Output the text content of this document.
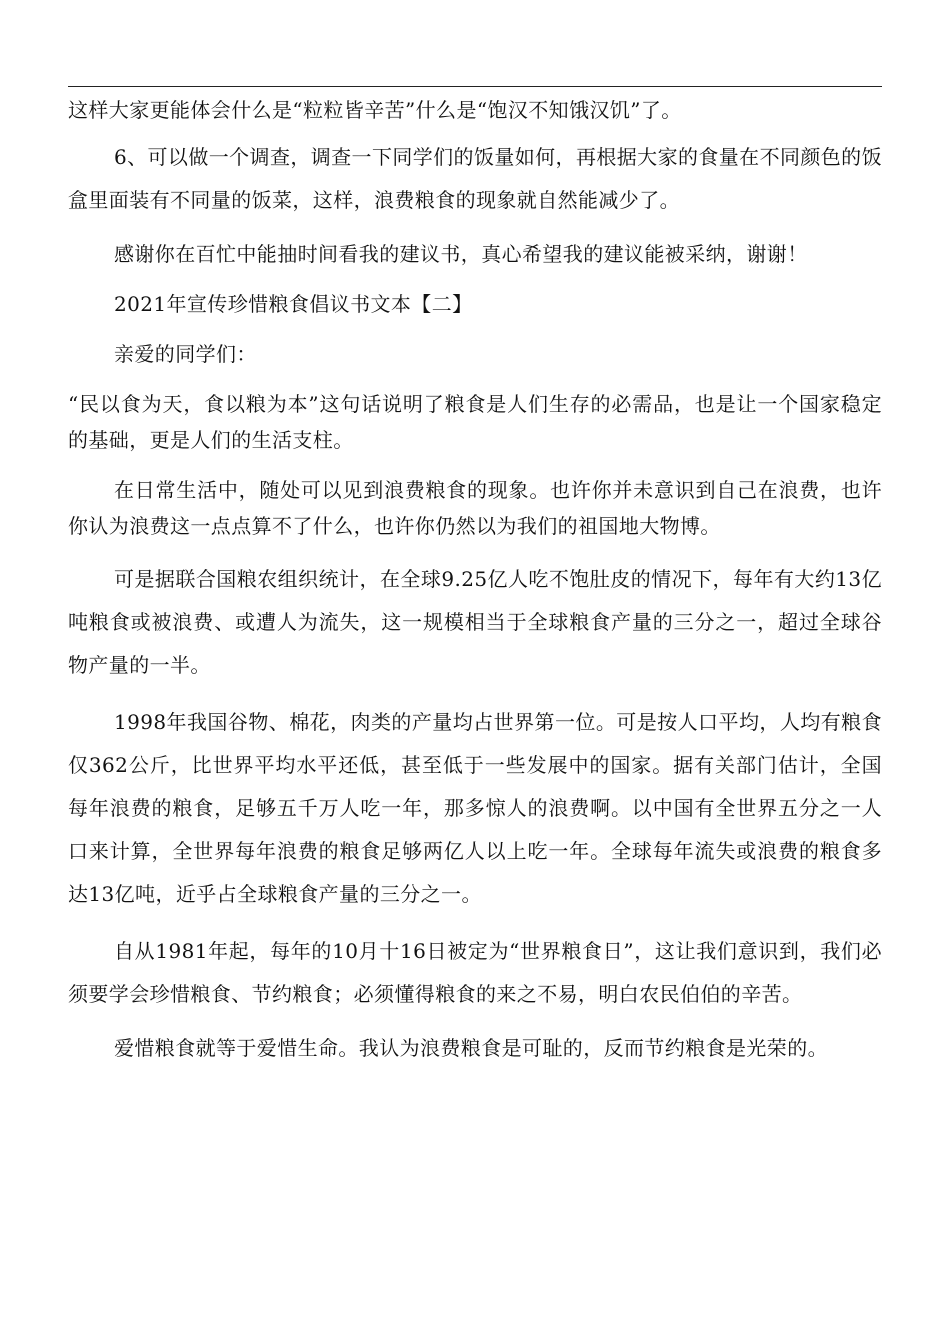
这样大家更能体会什么是“粒粒皆辛苦”什么是“饱汉不知饿汉饥”了。

6、可以做一个调查，调查一下同学们的饭量如何，再根据大家的食量在不同颜色的饭盒里面装有不同量的饭菜，这样，浪费粮食的现象就自然能减少了。

感谢你在百忙中能抽时间看我的建议书，真心希望我的建议能被采纳，谢谢！

2021年宣传珍惜粮食倡议书文本【二】

亲爱的同学们：

“民以食为天，食以粮为本”这句话说明了粮食是人们生存的必需品，也是让一个国家稳定的基础，更是人们的生活支柱。

在日常生活中，随处可以见到浪费粮食的现象。也许你并未意识到自己在浪费，也许你认为浪费这一点点算不了什么，也许你仍然以为我们的祖国地大物博。

可是据联合国粮农组织统计，在全球9.25亿人吃不饱肚皮的情况下，每年有大约13亿吨粮食或被浪费、或遭人为流失，这一规模相当于全球粮食产量的三分之一，超过全球谷物产量的一半。

1998年我国谷物、棉花，肉类的产量均占世界第一位。可是按人口平均，人均有粮食仅362公斤，比世界平均水平还低，甚至低于一些发展中的国家。据有关部门估计，全国每年浪费的粮食，足够五千万人吃一年，那多惊人的浪费啊。以中国有全世界五分之一人口来计算，全世界每年浪费的粮食足够两亿人以上吃一年。全球每年流失或浪费的粮食多达13亿吨，近乎占全球粮食产量的三分之一。

自从1981年起，每年的10月十16日被定为“世界粮食日”，这让我们意识到，我们必须要学会珍惜粮食、节约粮食；必须懂得粮食的来之不易，明白农民伯伯的辛苦。

爱惜粮食就等于爱惜生命。我认为浪费粮食是可耻的，反而节约粮食是光荣的。
